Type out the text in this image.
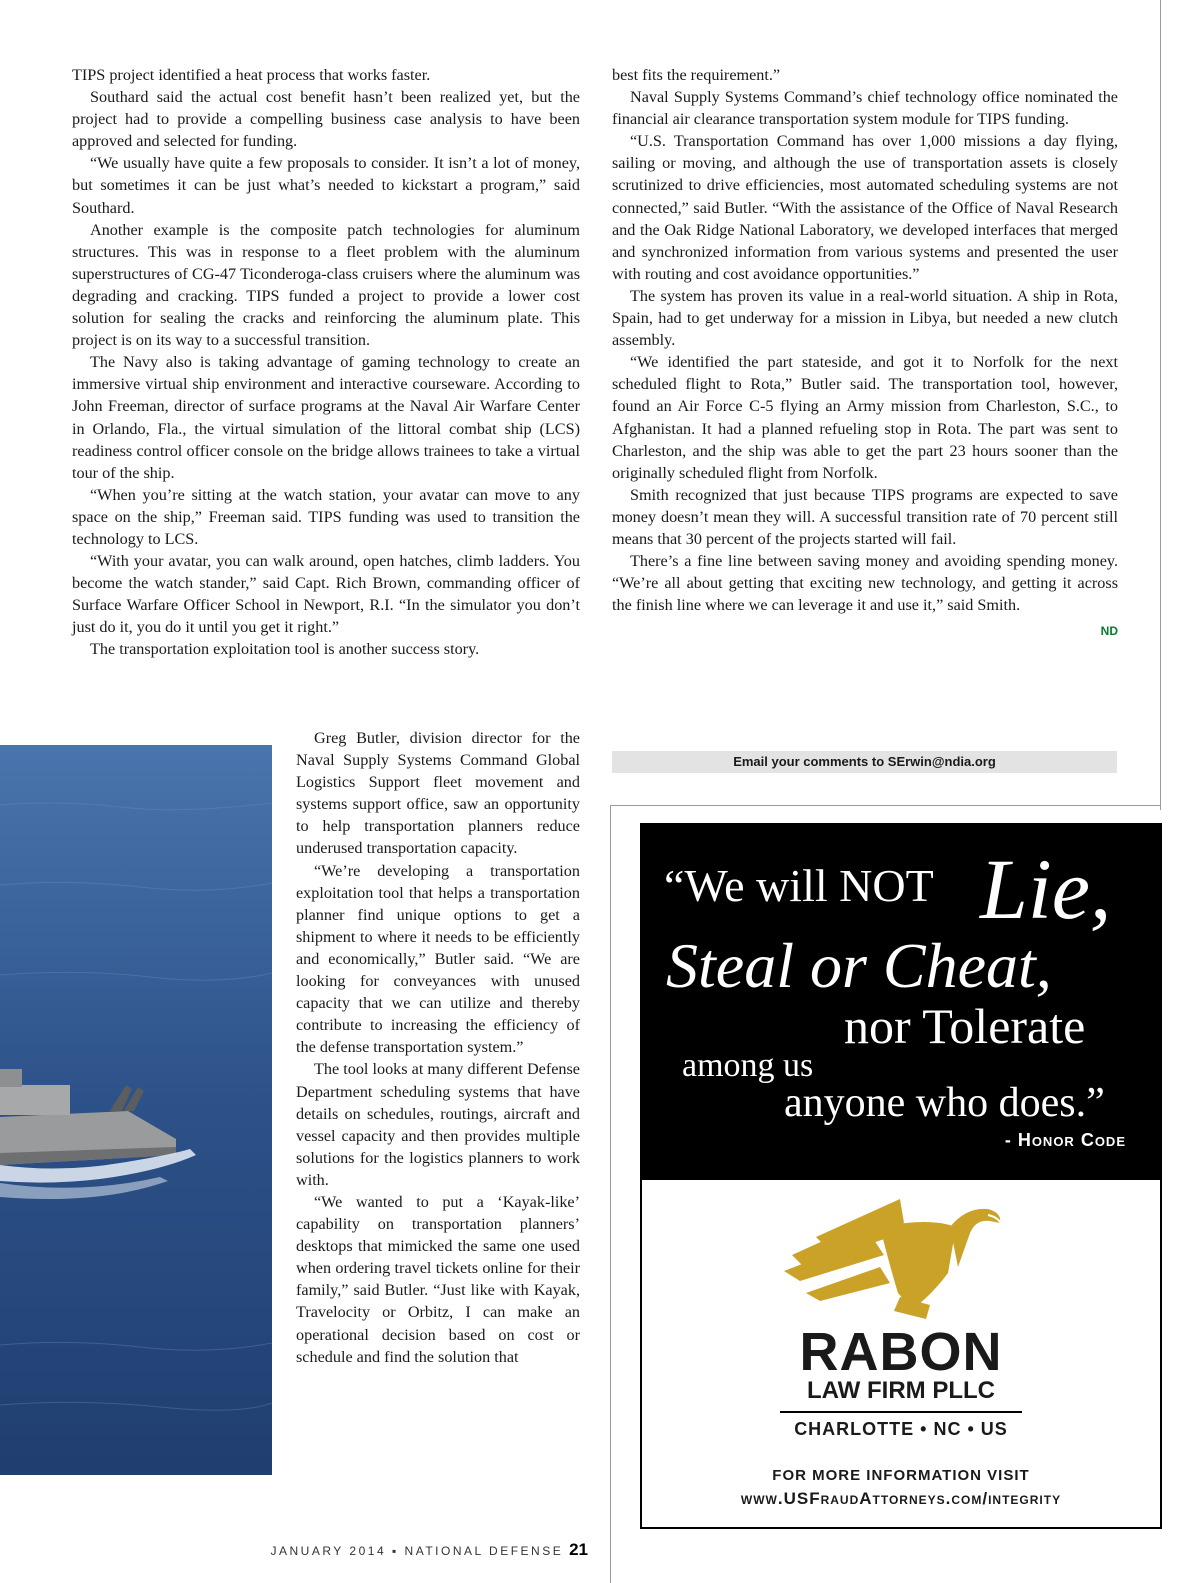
TIPS project identified a heat process that works faster.

Southard said the actual cost benefit hasn’t been realized yet, but the project had to provide a compelling business case analysis to have been approved and selected for funding.

“We usually have quite a few proposals to consider. It isn’t a lot of money, but sometimes it can be just what’s needed to kickstart a program,” said Southard.

Another example is the composite patch technologies for aluminum structures. This was in response to a fleet problem with the aluminum superstructures of CG-47 Ticonderoga-class cruisers where the aluminum was degrading and cracking. TIPS funded a project to provide a lower cost solution for sealing the cracks and reinforcing the aluminum plate. This project is on its way to a successful transition.

The Navy also is taking advantage of gaming technology to create an immersive virtual ship environment and interactive courseware. According to John Freeman, director of surface programs at the Naval Air Warfare Center in Orlando, Fla., the virtual simulation of the littoral combat ship (LCS) readiness control officer console on the bridge allows trainees to take a virtual tour of the ship.

“When you’re sitting at the watch station, your avatar can move to any space on the ship,” Freeman said. TIPS funding was used to transition the technology to LCS.

“With your avatar, you can walk around, open hatches, climb ladders. You become the watch stander,” said Capt. Rich Brown, commanding officer of Surface Warfare Officer School in Newport, R.I. “In the simulator you don’t just do it, you do it until you get it right.”

The transportation exploitation tool is another success story.

Greg Butler, division director for the Naval Supply Systems Command Global Logistics Support fleet movement and systems support office, saw an opportunity to help transportation planners reduce underused transportation capacity.

“We’re developing a transportation exploitation tool that helps a transportation planner find unique options to get a shipment to where it needs to be efficiently and economically,” Butler said. “We are looking for conveyances with unused capacity that we can utilize and thereby contribute to increasing the efficiency of the defense transportation system.”

The tool looks at many different Defense Department scheduling systems that have details on schedules, routings, aircraft and vessel capacity and then provides multiple solutions for the logistics planners to work with.

“We wanted to put a ‘Kayak-like’ capability on transportation planners’ desktops that mimicked the same one used when ordering travel tickets online for their family,” said Butler. “Just like with Kayak, Travelocity or Orbitz, I can make an operational decision based on cost or schedule and find the solution that

best fits the requirement.”

Naval Supply Systems Command’s chief technology office nominated the financial air clearance transportation system module for TIPS funding.

“U.S. Transportation Command has over 1,000 missions a day flying, sailing or moving, and although the use of transportation assets is closely scrutinized to drive efficiencies, most automated scheduling systems are not connected,” said Butler. “With the assistance of the Office of Naval Research and the Oak Ridge National Laboratory, we developed interfaces that merged and synchronized information from various systems and presented the user with routing and cost avoidance opportunities.”

The system has proven its value in a real-world situation. A ship in Rota, Spain, had to get underway for a mission in Libya, but needed a new clutch assembly.

“We identified the part stateside, and got it to Norfolk for the next scheduled flight to Rota,” Butler said. The transportation tool, however, found an Air Force C-5 flying an Army mission from Charleston, S.C., to Afghanistan. It had a planned refueling stop in Rota. The part was sent to Charleston, and the ship was able to get the part 23 hours sooner than the originally scheduled flight from Norfolk.

Smith recognized that just because TIPS programs are expected to save money doesn’t mean they will. A successful transition rate of 70 percent still means that 30 percent of the projects started will fail.

There’s a fine line between saving money and avoiding spending money. “We’re all about getting that exciting new technology, and getting it across the finish line where we can leverage it and use it,” said Smith.

ND
Email your comments to SErwin@ndia.org
“We will NOT Lie,
Steal or Cheat,
nor Tolerate
among us
anyone who does.”
- Honor Code
RABON
LAW FIRM PLLC
CHARLOTTE • NC • US
FOR MORE INFORMATION VISIT
www.USFraudAttorneys.com/integrity
JANUARY 2014 ▪ NATIONAL DEFENSE 21
